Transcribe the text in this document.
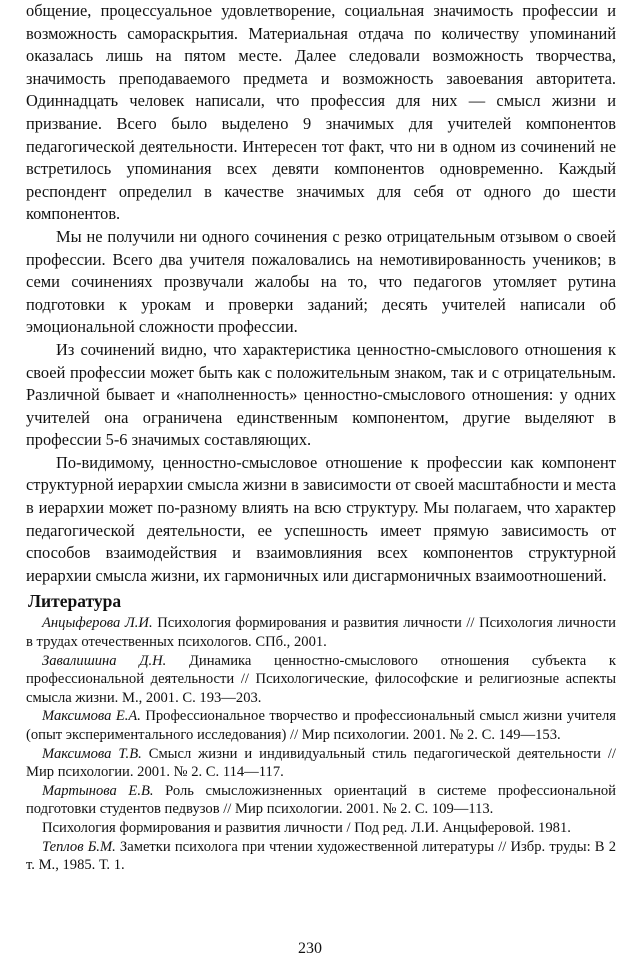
общение, процессуальное удовлетворение, социальная значимость профессии и возможность самораскрытия. Материальная отдача по количеству упоминаний оказалась лишь на пятом месте. Далее следовали возможность творчества, значимость преподаваемого предмета и возможность завоевания авторитета. Одиннадцать человек написали, что профессия для них — смысл жизни и призвание. Всего было выделено 9 значимых для учителей компонентов педагогической деятельности. Интересен тот факт, что ни в одном из сочинений не встретилось упоминания всех девяти компонентов одновременно. Каждый респондент определил в качестве значимых для себя от одного до шести компонентов.

Мы не получили ни одного сочинения с резко отрицательным отзывом о своей профессии. Всего два учителя пожаловались на немотивированность учеников; в семи сочинениях прозвучали жалобы на то, что педагогов утомляет рутина подготовки к урокам и проверки заданий; десять учителей написали об эмоциональной сложности профессии.

Из сочинений видно, что характеристика ценностно-смыслового отношения к своей профессии может быть как с положительным знаком, так и с отрицательным. Различной бывает и «наполненность» ценностно-смыслового отношения: у одних учителей она ограничена единственным компонентом, другие выделяют в профессии 5-6 значимых составляющих.

По-видимому, ценностно-смысловое отношение к профессии как компонент структурной иерархии смысла жизни в зависимости от своей масштабности и места в иерархии может по-разному влиять на всю структуру. Мы полагаем, что характер педагогической деятельности, ее успешность имеет прямую зависимость от способов взаимодействия и взаимовлияния всех компонентов структурной иерархии смысла жизни, их гармоничных или дисгармоничных взаимоотношений.

Литература

Анцыферова Л.И. Психология формирования и развития личности // Психология личности в трудах отечественных психологов. СПб., 2001.

Завалишина Д.Н. Динамика ценностно-смыслового отношения субъекта к профессиональной деятельности // Психологические, философские и религиозные аспекты смысла жизни. М., 2001. С. 193—203.

Максимова Е.А. Профессиональное творчество и профессиональный смысл жизни учителя (опыт экспериментального исследования) // Мир психологии. 2001. № 2. С. 149—153.

Максимова Т.В. Смысл жизни и индивидуальный стиль педагогической деятельности // Мир психологии. 2001. № 2. С. 114—117.

Мартынова Е.В. Роль смысложизненных ориентаций в системе профессиональной подготовки студентов педвузов // Мир психологии. 2001. № 2. С. 109—113.

Психология формирования и развития личности / Под ред. Л.И. Анцыферовой. 1981.

Теплов Б.М. Заметки психолога при чтении художественной литературы // Избр. труды: В 2 т. М., 1985. Т. 1.

230
